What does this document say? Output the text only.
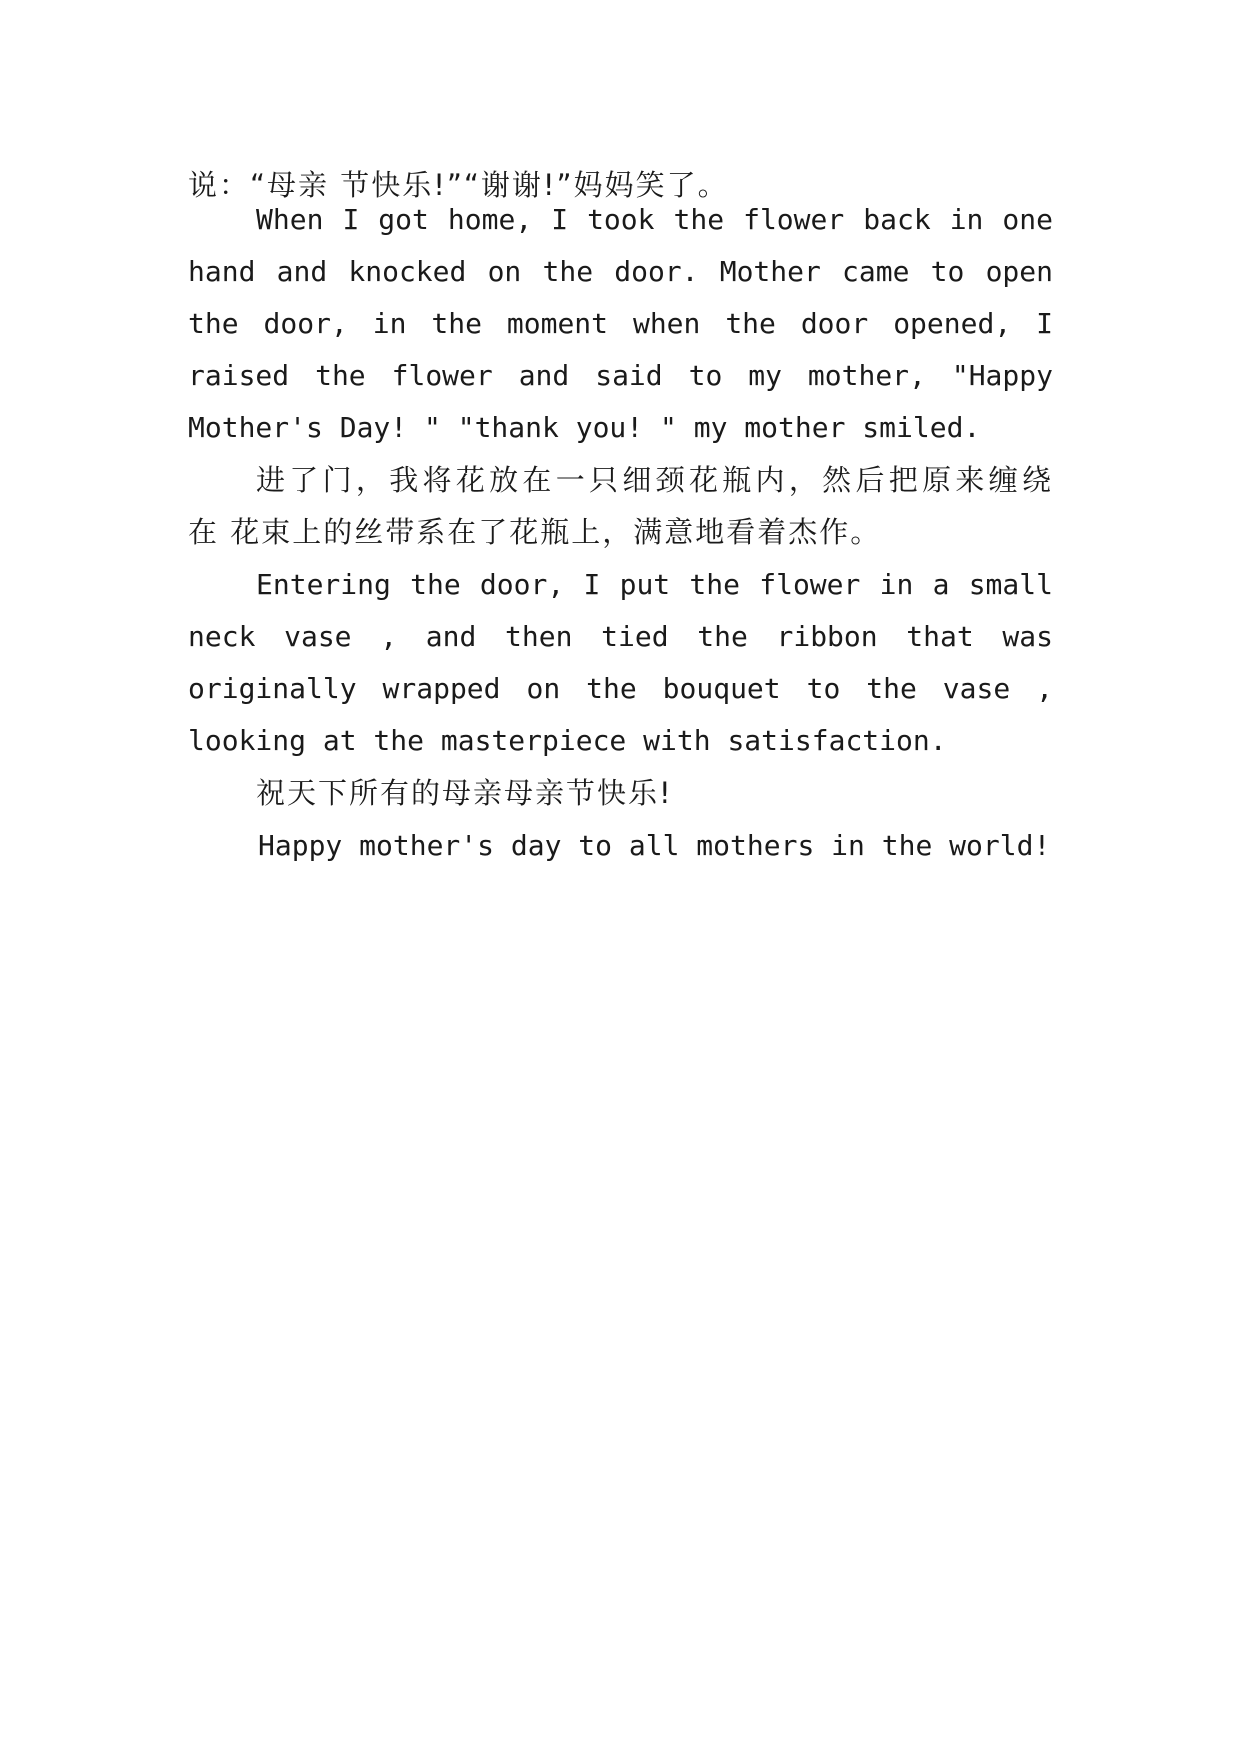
说：“母亲 节快乐!”“谢谢!”妈妈笑了。
When I got home, I took the flower back in one
hand and knocked on the door. Mother came to open
the door, in the moment when the door opened, I
raised the flower and said to my mother, "Happy
Mother's Day! " "thank you! " my mother smiled.
进了门，我将花放在一只细颈花瓶内，然后把原来缠绕
在 花束上的丝带系在了花瓶上，满意地看着杰作。
Entering the door, I put the flower in a small
neck vase , and then tied the ribbon that was
originally wrapped on the bouquet to the vase ,
looking at the masterpiece with satisfaction.
祝天下所有的母亲母亲节快乐!
Happy mother's day to all mothers in the world!
